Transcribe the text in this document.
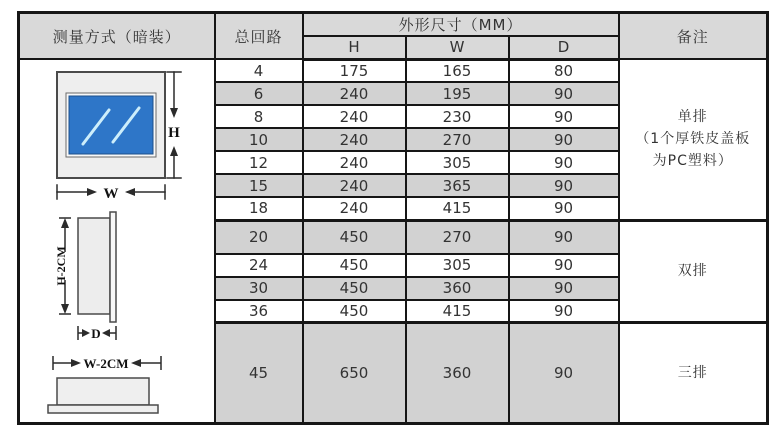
测量方式（暗装）	总回路	外形尺寸（MM）			备注
		H	W	D	

H
W
H-2CM
D
W-2CM	4	175	165	80	单排
（1个厚铁皮盖板
为PC塑料）

	6	240	195	90	
	8	240	230	90	
	10	240	270	90	
	12	240	305	90	
	15	240	365	90	
	18	240	415	90	
	20	450	270	90	双排

	24	450	305	90	
	30	450	360	90	
	36	450	415	90	
	45	650	360	90	三排
